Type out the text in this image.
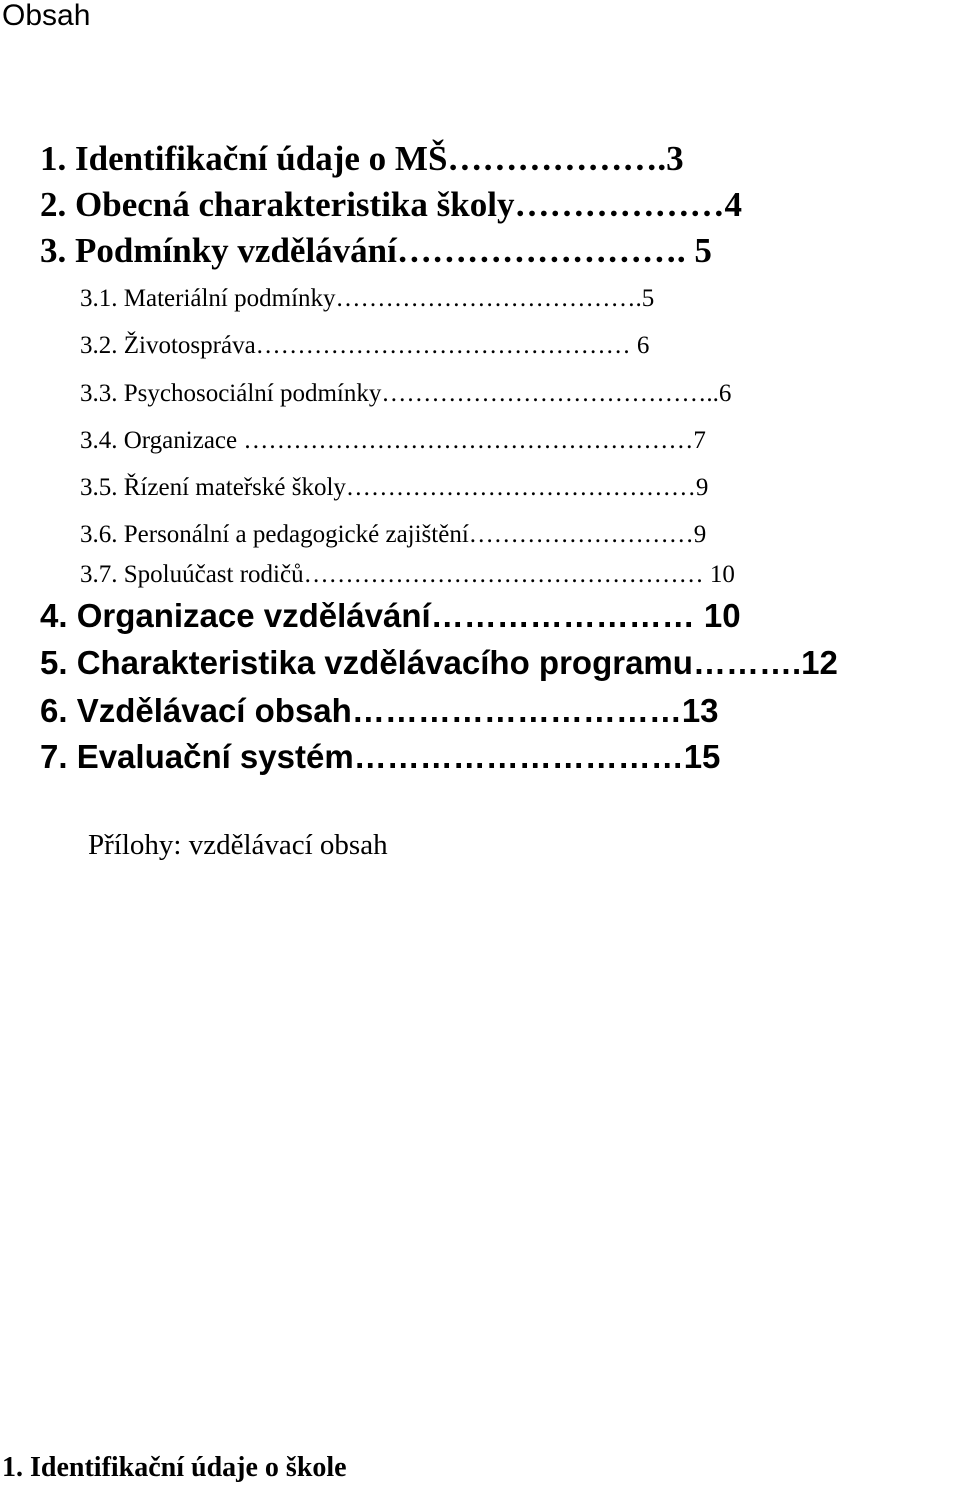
Obsah
1. Identifikační údaje o MŠ……………….3
2. Obecná charakteristika školy………………4
3. Podmínky vzdělávání……………………. 5
3.1. Materiální podmínky……………………………….5
3.2. Životospráva……………………………………… 6
3.3. Psychosociální podmínky…………………………………..6
3.4. Organizace ………………………………………………7
3.5. Řízení mateřské školy……………………………………9
3.6. Personální a pedagogické zajištění………………………9
3.7. Spoluúčast rodičů………………………………………… 10
4. Organizace vzdělávání…………………… 10
5. Charakteristika vzdělávacího programu……….12
6. Vzdělávací obsah…………………………13
7. Evaluační systém…………………………15
Přílohy: vzdělávací obsah
1. Identifikační údaje o škole
